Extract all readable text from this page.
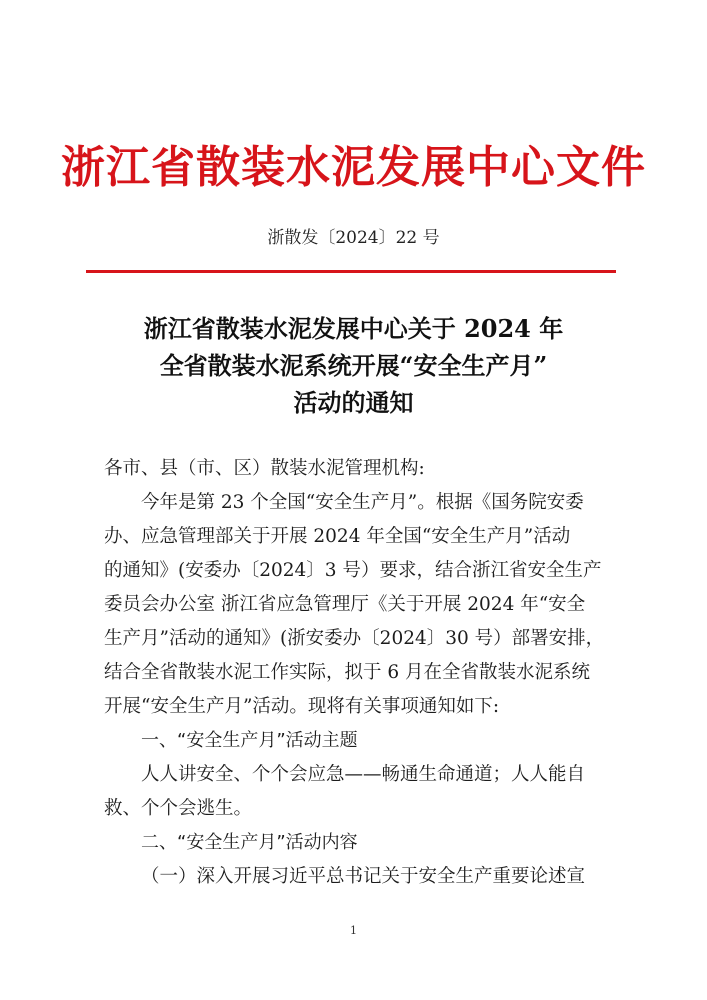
浙江省散装水泥发展中心文件
浙散发〔2024〕22 号
浙江省散装水泥发展中心关于 2024 年
全省散装水泥系统开展“安全生产月”
活动的通知

各市、县（市、区）散装水泥管理机构:

今年是第 23 个全国“安全生产月”。根据《国务院安委
办、应急管理部关于开展 2024 年全国“安全生产月”活动
的通知》(安委办〔2024〕3 号）要求，结合浙江省安全生产
委员会办公室 浙江省应急管理厅《关于开展 2024 年“安全
生产月”活动的通知》(浙安委办〔2024〕30 号）部署安排，
结合全省散装水泥工作实际，拟于 6 月在全省散装水泥系统
开展“安全生产月”活动。现将有关事项通知如下:

一、“安全生产月”活动主题

人人讲安全、个个会应急——畅通生命通道；人人能自
救、个个会逃生。

二、“安全生产月”活动内容

（一）深入开展习近平总书记关于安全生产重要论述宣

1
